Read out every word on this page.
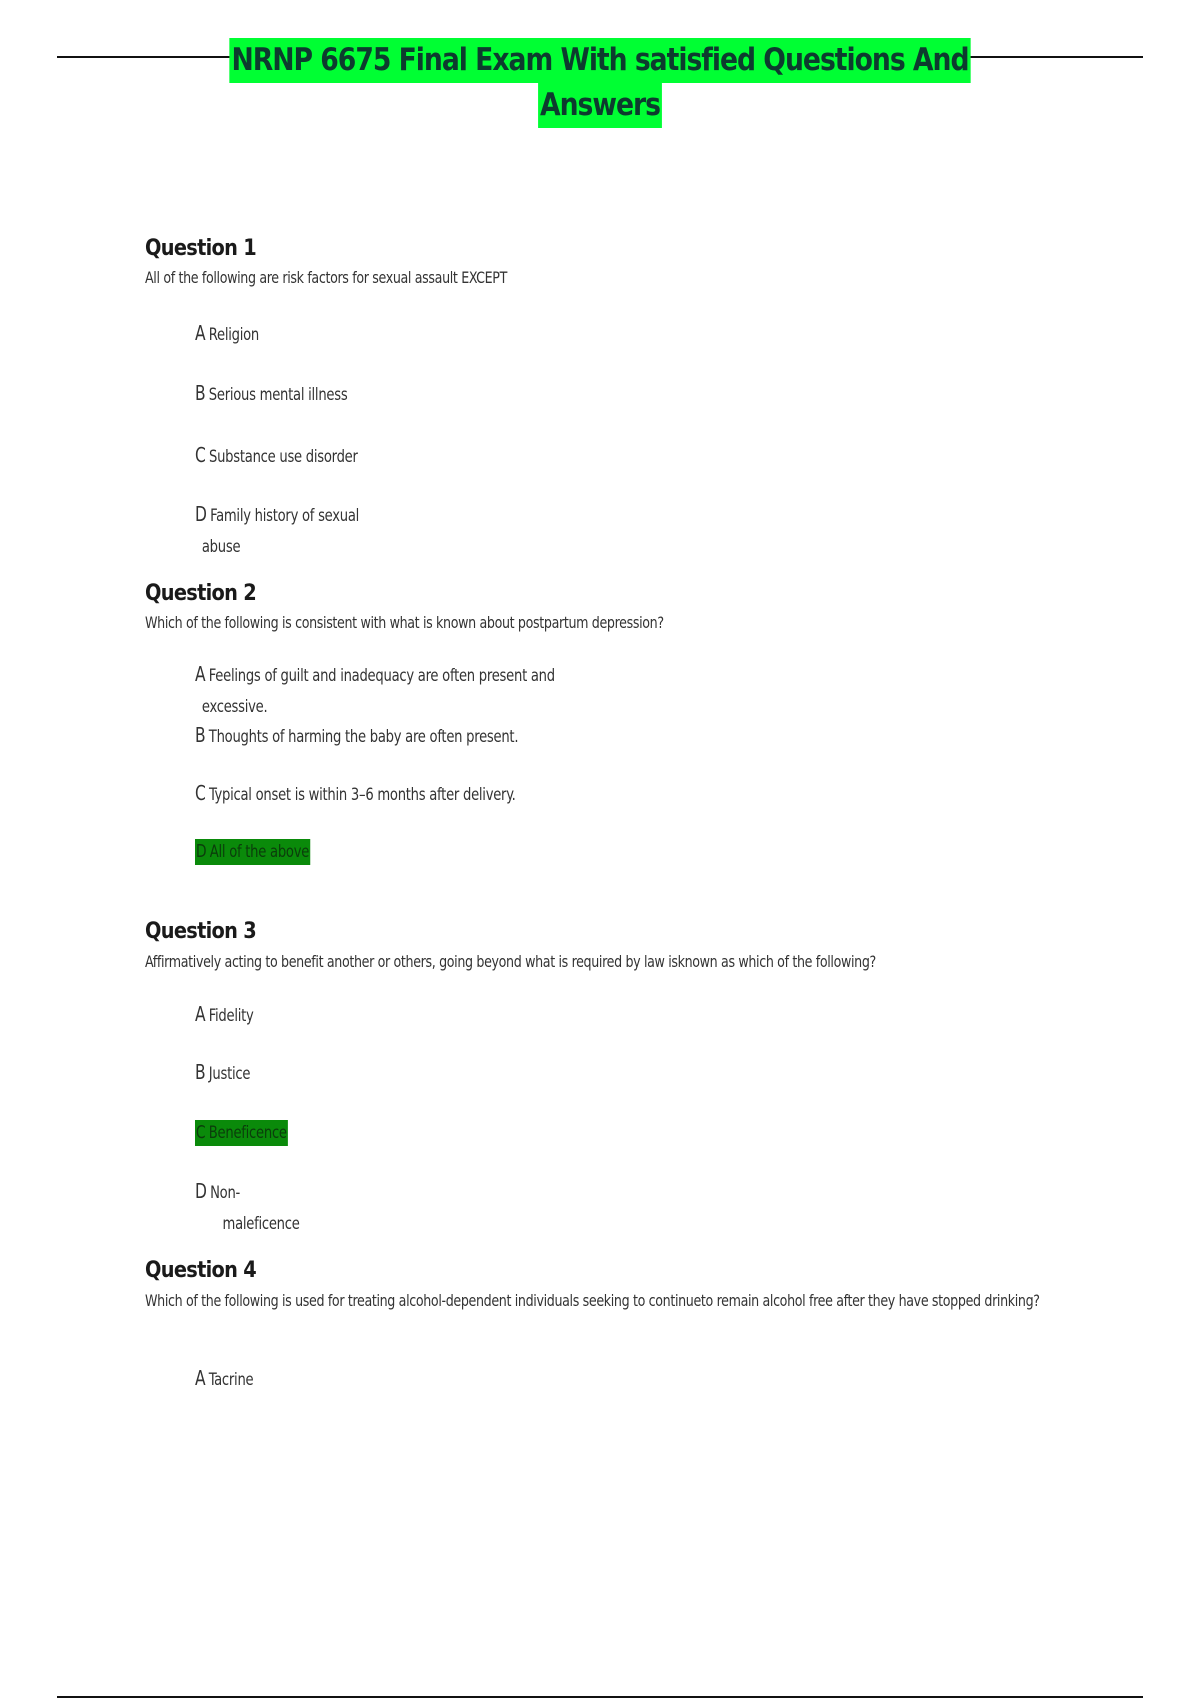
NRNP 6675 Final Exam With satisfied Questions And
Answers
Question 1
All of the following are risk factors for sexual assault EXCEPT
A Religion
B Serious mental illness
C Substance use disorder
D Family history of sexual
abuse
Question 2
Which of the following is consistent with what is known about postpartum depression?
A Feelings of guilt and inadequacy are often present and
excessive.
B Thoughts of harming the baby are often present.
C Typical onset is within 3–6 months after delivery.
D All of the above
Question 3
Affirmatively acting to benefit another or others, going beyond what is required by law isknown as which of the following?
A Fidelity
B Justice
C Beneficence
D Non-
maleficence
Question 4
Which of the following is used for treating alcohol-dependent individuals seeking to continueto remain alcohol free after they have stopped drinking?
A Tacrine
